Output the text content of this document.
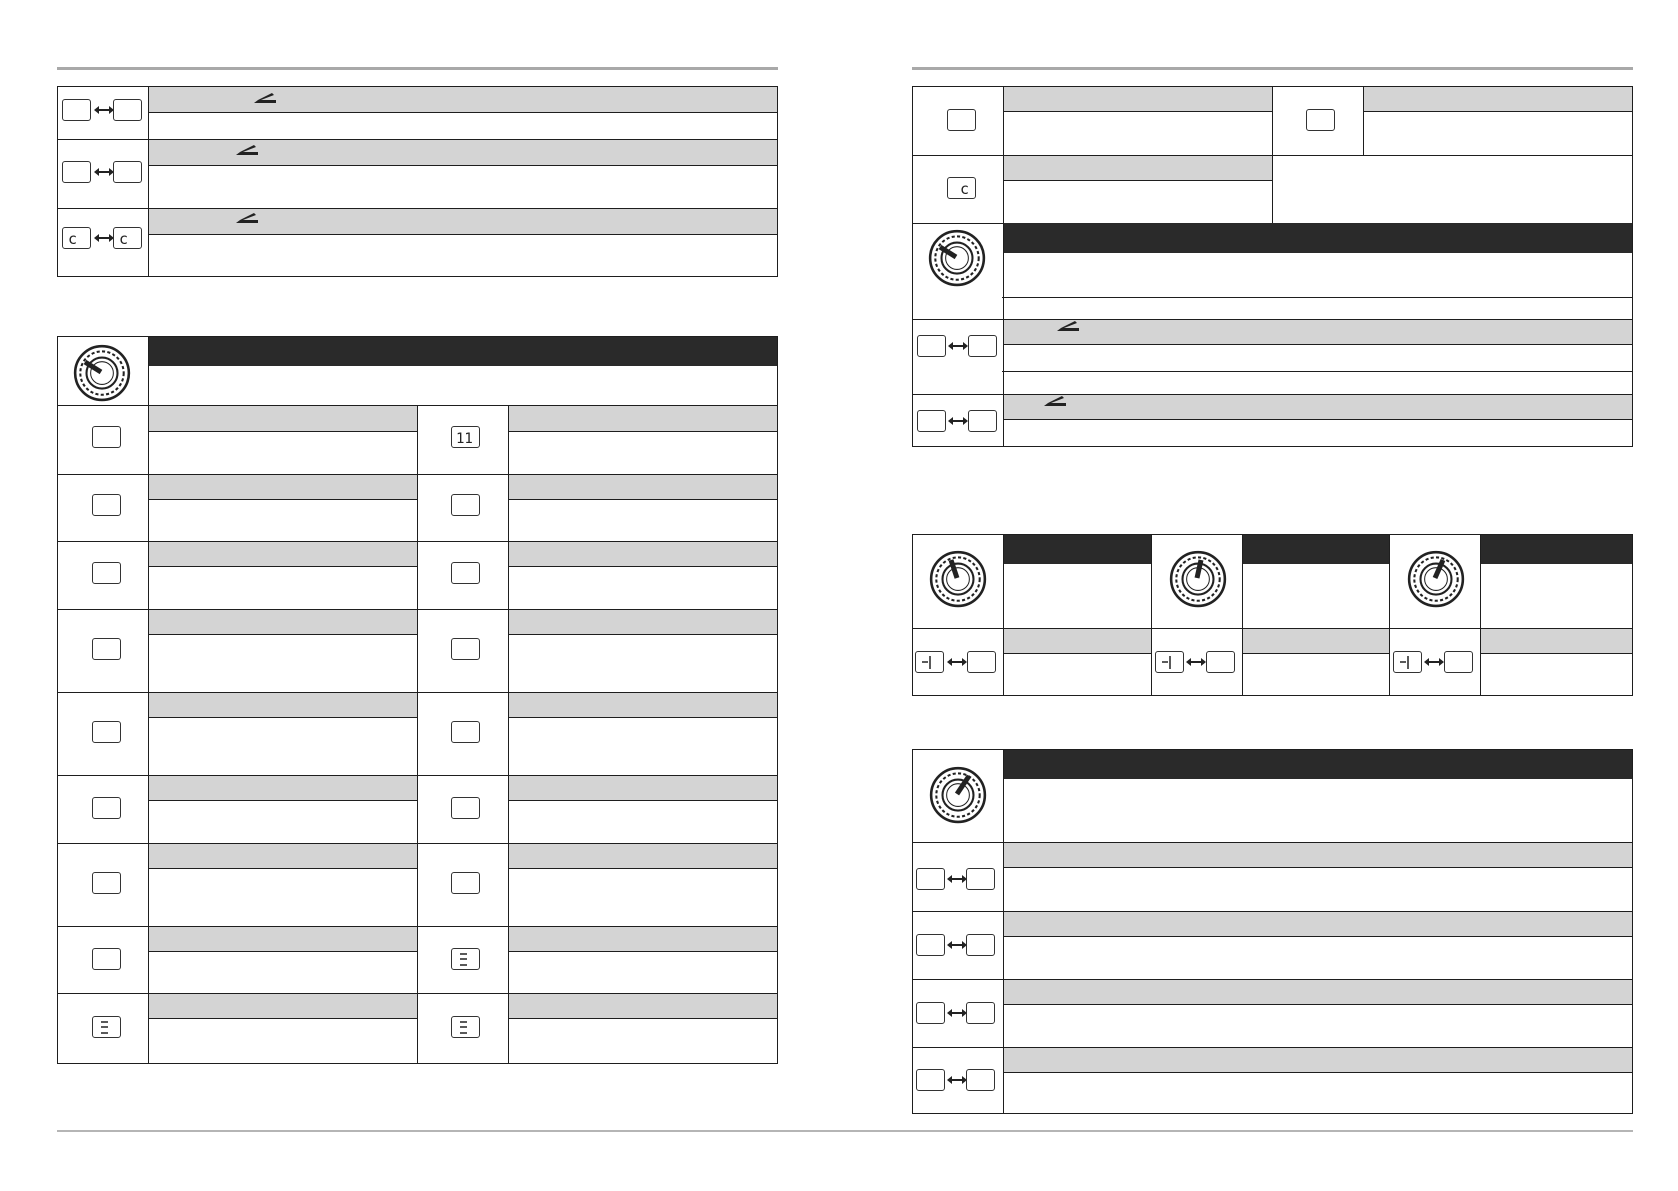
c	c
11
c
